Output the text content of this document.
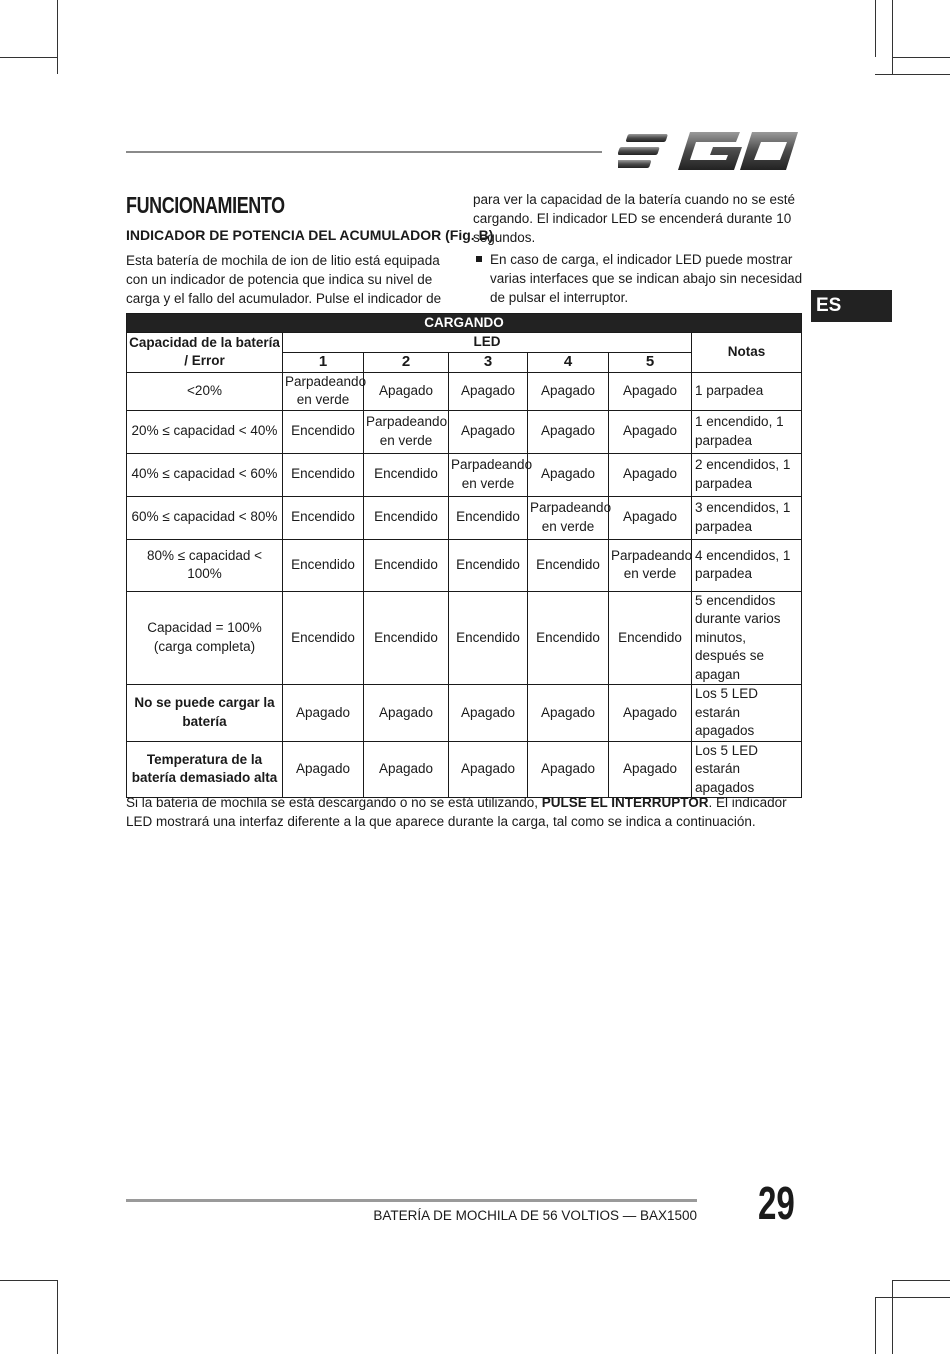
FUNCIONAMIENTO
INDICADOR DE POTENCIA DEL ACUMULADOR (Fig. B)
Esta batería de mochila de ion de litio está equipada con un indicador de potencia que indica su nivel de carga y el fallo del acumulador. Pulse el indicador de
para ver la capacidad de la batería cuando no se esté cargando. El indicador LED se encenderá durante 10 segundos.
En caso de carga, el indicador LED puede mostrar varias interfaces que se indican abajo sin necesidad de pulsar el interruptor.	ES
CARGANDO						
Capacidad de la batería / Error	LED					Notas
	1	2	3	4	5	
<20%	Parpadeando en verde	Apagado	Apagado	Apagado	Apagado	1 parpadea
20% ≤ capacidad < 40%	Encendido	Parpadeando en verde	Apagado	Apagado	Apagado	1 encendido, 1 parpadea
40% ≤ capacidad < 60%	Encendido	Encendido	Parpadeando en verde	Apagado	Apagado	2 encendidos, 1 parpadea
60% ≤ capacidad < 80%	Encendido	Encendido	Encendido	Parpadeando en verde	Apagado	3 encendidos, 1 parpadea
80% ≤ capacidad < 100%	Encendido	Encendido	Encendido	Encendido	Parpadeando en verde	4 encendidos, 1 parpadea
Capacidad = 100% (carga completa)	Encendido	Encendido	Encendido	Encendido	Encendido	5 encendidos durante varios minutos, después se apagan
No se puede cargar la batería	Apagado	Apagado	Apagado	Apagado	Apagado	Los 5 LED estarán apagados
Temperatura de la batería demasiado alta	Apagado	Apagado	Apagado	Apagado	Apagado	Los 5 LED estarán apagados
Si la batería de mochila se está descargando o no se está utilizando, PULSE EL INTERRUPTOR. El indicador LED mostrará una interfaz diferente a la que aparece durante la carga, tal como se indica a continuación.
BATERÍA DE MOCHILA DE 56 VOLTIOS — BAX1500 29
